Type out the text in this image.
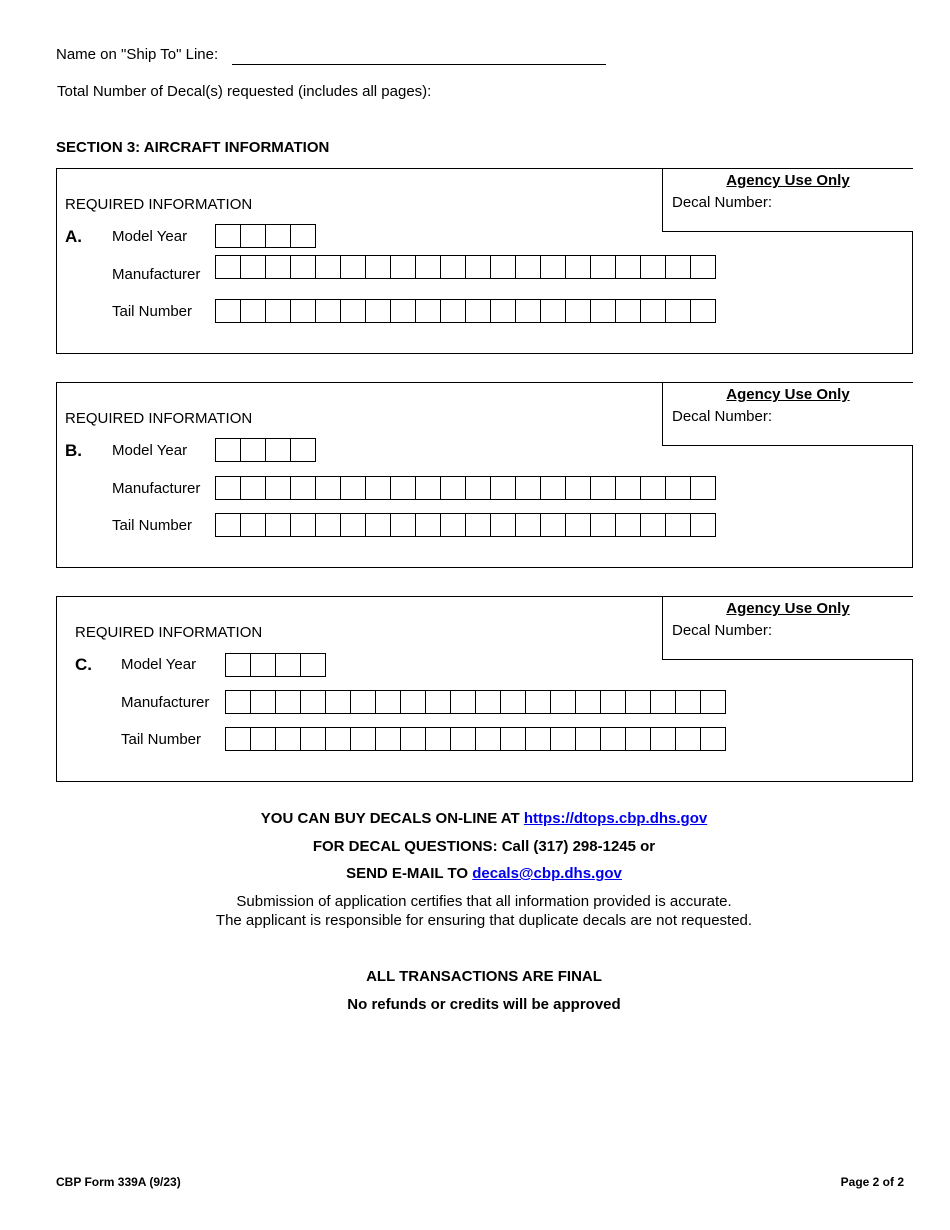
Name on "Ship To" Line:
Total Number of Decal(s) requested (includes all pages):
SECTION 3: AIRCRAFT INFORMATION
Agency Use Only
Decal Number:
REQUIRED INFORMATION
A. Model Year
Manufacturer
Tail Number
Agency Use Only
Decal Number:
REQUIRED INFORMATION
B. Model Year
Manufacturer
Tail Number
Agency Use Only
Decal Number:
REQUIRED INFORMATION
C. Model Year
Manufacturer
Tail Number
YOU CAN BUY DECALS ON-LINE AT https://dtops.cbp.dhs.gov
FOR DECAL QUESTIONS: Call (317) 298-1245 or
SEND E-MAIL TO decals@cbp.dhs.gov
Submission of application certifies that all information provided is accurate.
The applicant is responsible for ensuring that duplicate decals are not requested.
ALL TRANSACTIONS ARE FINAL
No refunds or credits will be approved
CBP Form 339A (9/23)	Page 2 of 2
